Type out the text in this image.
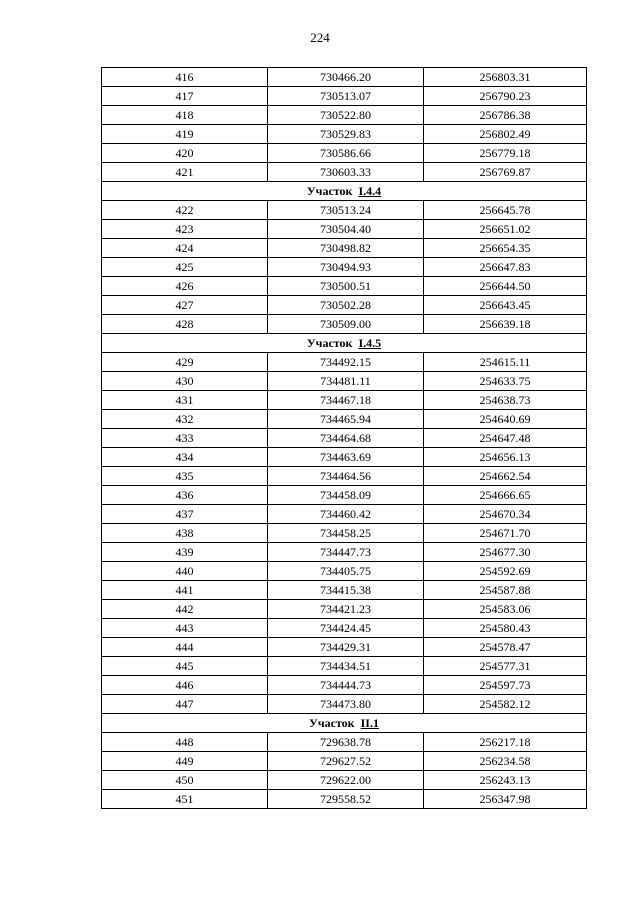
224
416	730466.20	256803.31
417	730513.07	256790.23
418	730522.80	256786.38
419	730529.83	256802.49
420	730586.66	256779.18
421	730603.33	256769.87
Участок I.4.4		
422	730513.24	256645.78
423	730504.40	256651.02
424	730498.82	256654.35
425	730494.93	256647.83
426	730500.51	256644.50
427	730502.28	256643.45
428	730509.00	256639.18
Участок I.4.5		
429	734492.15	254615.11
430	734481.11	254633.75
431	734467.18	254638.73
432	734465.94	254640.69
433	734464.68	254647.48
434	734463.69	254656.13
435	734464.56	254662.54
436	734458.09	254666.65
437	734460.42	254670.34
438	734458.25	254671.70
439	734447.73	254677.30
440	734405.75	254592.69
441	734415.38	254587.88
442	734421.23	254583.06
443	734424.45	254580.43
444	734429.31	254578.47
445	734434.51	254577.31
446	734444.73	254597.73
447	734473.80	254582.12
Участок II.1		
448	729638.78	256217.18
449	729627.52	256234.58
450	729622.00	256243.13
451	729558.52	256347.98
